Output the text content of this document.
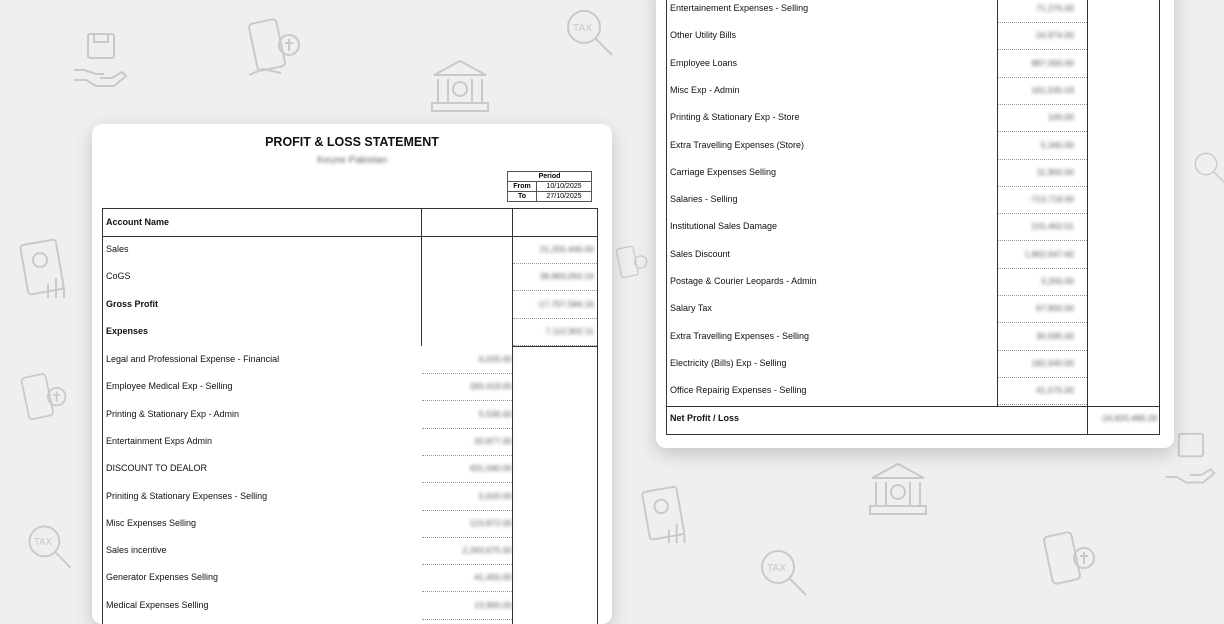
TAX
TAX
TAX
PROFIT & LOSS STATEMENT
Keune Pakistan
Period	
From	10/10/2025
To	27/10/2025
Account Name
Sales	21,255,446.00
CoGS	38,963,050.16
Gross Profit	-17,707,584.16
Expenses	7,112,902.11
Legal and Professional Expense - Financial	6,025.00
Employee Medical Exp - Selling	183,419.00
Printing & Stationary Exp - Admin	5,536.00
Entertainment Exps Admin	33,877.00
DISCOUNT TO DEALOR	431,040.00
Priniting & Stationary Expenses - Selling	5,620.00
Misc Expenses Selling	123,872.00
Sales incentive	2,293,675.00
Generator Expenses Selling	41,450.00
Medical Expenses Selling	13,900.00
Entertainement Expenses - Selling	71,275.00
Other Utility Bills	24,974.00
Employee Loans	897,000.00
Misc Exp - Admin	161,535.03
Printing & Stationary Exp - Store	100.00
Extra Travelling Expenses (Store)	5,340.00
Carriage Expenses Selling	11,900.00
Salaries - Selling	-713,719.00
Institutional Sales Damage	215,462.51
Sales Discount	1,862,647.60
Postage & Courier Leopards - Admin	3,200.00
Salary Tax	67,800.00
Extra Travelling Expenses - Selling	30,595.00
Electricity (Bills) Exp - Selling	182,640.00
Office Repairig Expenses - Selling	41,575.00
Net Profit / Loss	-24,820,486.28
